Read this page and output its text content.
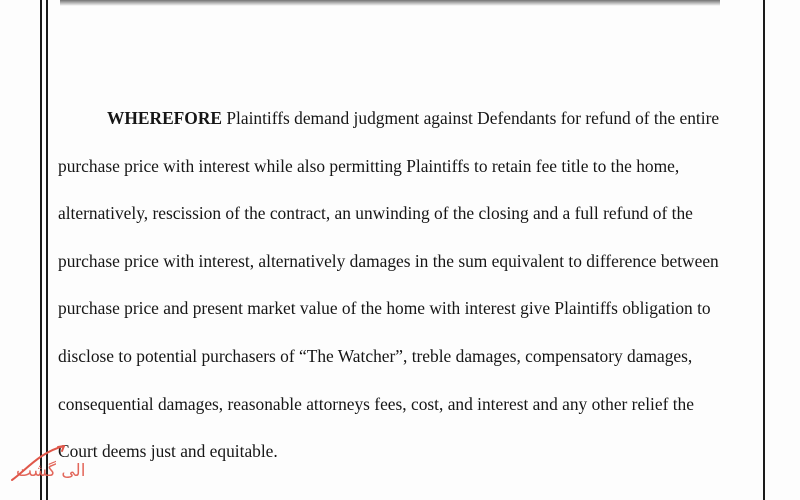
WHEREFORE Plaintiffs demand judgment against Defendants for refund of the entire
purchase price with interest while also permitting Plaintiffs to retain fee title to the home,
alternatively, rescission of the contract, an unwinding of the closing and a full refund of the
purchase price with interest, alternatively damages in the sum equivalent to difference between
purchase price and present market value of the home with interest give Plaintiffs obligation to
disclose to potential purchasers of “The Watcher”, treble damages, compensatory damages,
consequential damages, reasonable attorneys fees, cost, and interest and any other relief the
Court deems just and equitable.
الی گشت
